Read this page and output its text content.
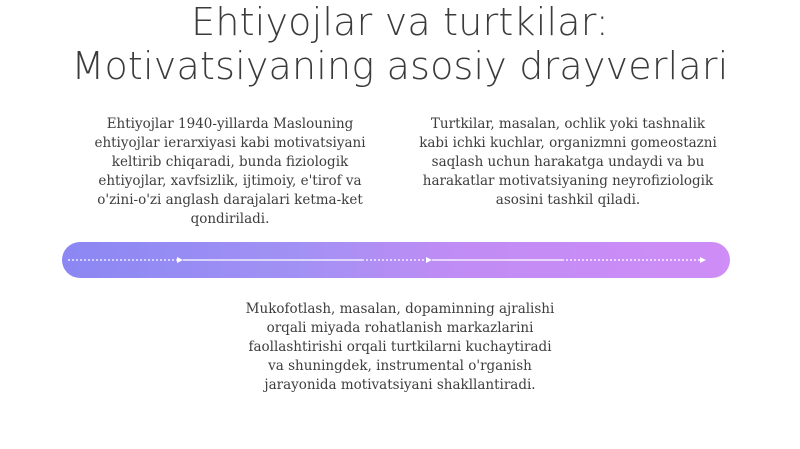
Ehtiyojlar va turtkilar:
Motivatsiyaning asosiy drayverlari
Ehtiyojlar 1940-yillarda Maslouning ehtiyojlar ierarxiyasi kabi motivatsiyani keltirib chiqaradi, bunda fiziologik ehtiyojlar, xavfsizlik, ijtimoiy, e'tirof va o'zini-o'zi anglash darajalari ketma-ket qondiriladi.
Turtkilar, masalan, ochlik yoki tashnalik kabi ichki kuchlar, organizmni gomeostazni saqlash uchun harakatga undaydi va bu harakatlar motivatsiyaning neyrofiziologik asosini tashkil qiladi.
Mukofotlash, masalan, dopaminning ajralishi orqali miyada rohatlanish markazlarini faollashtirishi orqali turtkilarni kuchaytiradi va shuningdek, instrumental o'rganish jarayonida motivatsiyani shakllantiradi.
